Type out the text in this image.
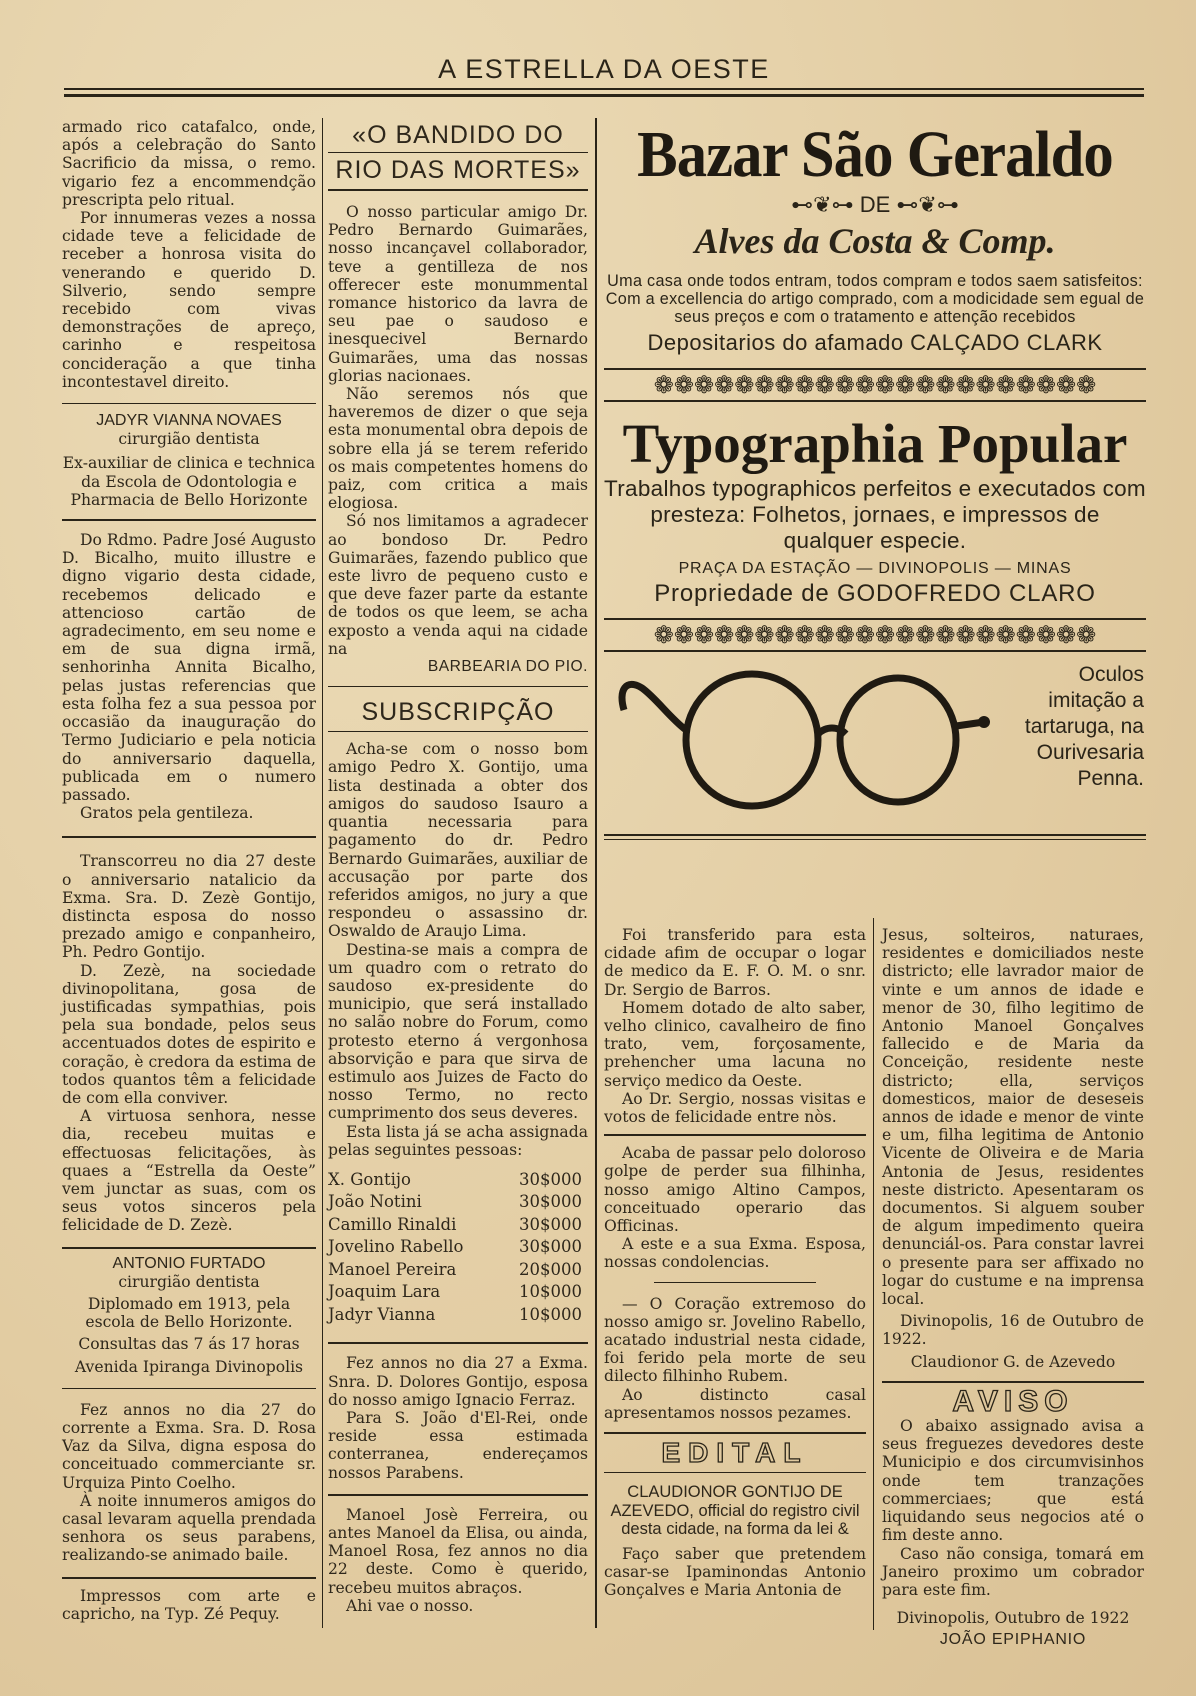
A ESTRELLA DA OESTE

armado rico catafalco, onde, após a celebração do Santo Sacrificio da missa, o remo. vigario fez a encommendção prescripta pelo ritual.

Por innumeras vezes a nossa cidade teve a felicidade de receber a honrosa visita do venerando e querido D. Silverio, sendo sempre recebido com vivas demonstrações de apreço, carinho e respeitosa concideração a que tinha incontestavel direito.

JADYR VIANNA NOVAES
cirurgião dentista

Ex-auxiliar de clinica e technica da Escola de Odontologia e Pharmacia de Bello Horizonte

Do Rdmo. Padre José Augusto D. Bicalho, muito illustre e digno vigario desta cidade, recebemos delicado e attencioso cartão de agradecimento, em seu nome e em de sua digna irmã, senhorinha Annita Bicalho, pelas justas referencias que esta folha fez a sua pessoa por occasião da inauguração do Termo Judiciario e pela noticia do anniversario daquella, publicada em o numero passado.

Gratos pela gentileza.

Transcorreu no dia 27 deste o anniversario natalicio da Exma. Sra. D. Zezè Gontijo, distincta esposa do nosso prezado amigo e conpanheiro, Ph. Pedro Gontijo.

D. Zezè, na sociedade divinopolitana, gosa de justificadas sympathias, pois pela sua bondade, pelos seus accentuados dotes de espirito e coração, è credora da estima de todos quantos têm a felicidade de com ella conviver.

A virtuosa senhora, nesse dia, recebeu muitas e effectuosas felicitações, às quaes a “Estrella da Oeste” vem junctar as suas, com os seus votos sinceros pela felicidade de D. Zezè.

ANTONIO FURTADO
cirurgião dentista

Diplomado em 1913, pela escola de Bello Horizonte.

Consultas das 7 ás 17 horas

Avenida Ipiranga Divinopolis

Fez annos no dia 27 do corrente a Exma. Sra. D. Rosa Vaz da Silva, digna esposa do conceituado commerciante sr. Urquiza Pinto Coelho.

À noite innumeros amigos do casal levaram aquella prendada senhora os seus parabens, realizando-se animado baile.

Impressos com arte e capricho, na Typ. Zé Pequy.

«O BANDIDO DO
RIO DAS MORTES»

O nosso particular amigo Dr. Pedro Bernardo Guimarães, nosso incançavel collaborador, teve a gentilleza de nos offerecer este monummental romance historico da lavra de seu pae o saudoso e inesquecivel Bernardo Guimarães, uma das nossas glorias nacionaes.

Não seremos nós que haveremos de dizer o que seja esta monumental obra depois de sobre ella já se terem referido os mais competentes homens do paiz, com critica a mais elogiosa.

Só nos limitamos a agradecer ao bondoso Dr. Pedro Guimarães, fazendo publico que este livro de pequeno custo e que deve fazer parte da estante de todos os que leem, se acha exposto a venda aqui na cidade na

BARBEARIA DO PIO.

SUBSCRIPÇÃO

Acha-se com o nosso bom amigo Pedro X. Gontijo, uma lista destinada a obter dos amigos do saudoso Isauro a quantia necessaria para pagamento do dr. Pedro Bernardo Guimarães, auxiliar de accusação por parte dos referidos amigos, no jury a que respondeu o assassino dr. Oswaldo de Araujo Lima.

Destina-se mais a compra de um quadro com o retrato do saudoso ex-presidente do municipio, que será installado no salão nobre do Forum, como protesto eterno á vergonhosa absorvição e para que sirva de estimulo aos Juizes de Facto do nosso Termo, no recto cumprimento dos seus deveres.

Esta lista já se acha assignada pelas seguintes pessoas:

X. Gontijo	30$000
João Notini	30$000
Camillo Rinaldi	30$000
Jovelino Rabello	30$000
Manoel Pereira	20$000
Joaquim Lara	10$000
Jadyr Vianna	10$000

Fez annos no dia 27 a Exma. Snra. D. Dolores Gontijo, esposa do nosso amigo Ignacio Ferraz.

Para S. João d'El-Rei, onde reside essa estimada conterranea, endereçamos nossos Parabens.

Manoel Josè Ferreira, ou antes Manoel da Elisa, ou ainda, Manoel Rosa, fez annos no dia 22 deste. Como è querido, recebeu muitos abraços.

Ahi vae o nosso.

Bazar São Geraldo
⊷❦⊶ DE ⊷❦⊶
Alves da Costa & Comp.

Uma casa onde todos entram, todos compram e todos saem satisfeitos: Com a excellencia do artigo comprado, com a modicidade sem egual de seus preços e com o tratamento e attenção recebidos

Depositarios do afamado CALÇADO CLARK
❁❁❁❁❁❁❁❁❁❁❁❁❁❁❁❁❁❁❁❁❁❁
Typographia Popular

Trabalhos typographicos perfeitos e executados com presteza: Folhetos, jornaes, e impressos de qualquer especie.

PRAÇA DA ESTAÇÃO — DIVINOPOLIS — MINAS
Propriedade de GODOFREDO CLARO
❁❁❁❁❁❁❁❁❁❁❁❁❁❁❁❁❁❁❁❁❁❁

Oculos imitação a tartaruga, na Ourivesaria Penna.

Foi transferido para esta cidade afim de occupar o logar de medico da E. F. O. M. o snr. Dr. Sergio de Barros.

Homem dotado de alto saber, velho clinico, cavalheiro de fino trato, vem, forçosamente, prehencher uma lacuna no serviço medico da Oeste.

Ao Dr. Sergio, nossas visitas e votos de felicidade entre nòs.

Acaba de passar pelo doloroso golpe de perder sua filhinha, nosso amigo Altino Campos, conceituado operario das Officinas.

A este e a sua Exma. Esposa, nossas condolencias.

— O Coração extremoso do nosso amigo sr. Jovelino Rabello, acatado industrial nesta cidade, foi ferido pela morte de seu dilecto filhinho Rubem.

Ao distincto casal apresentamos nossos pezames.

EDITAL

CLAUDIONOR GONTIJO DE AZEVEDO, official do registro civil desta cidade, na forma da lei &

Faço saber que pretendem casar-se Ipaminondas Antonio Gonçalves e Maria Antonia de

Jesus, solteiros, naturaes, residentes e domiciliados neste districto; elle lavrador maior de vinte e um annos de idade e menor de 30, filho legitimo de Antonio Manoel Gonçalves fallecido e de Maria da Conceição, residente neste districto; ella, serviços domesticos, maior de deseseis annos de idade e menor de vinte e um, filha legitima de Antonio Vicente de Oliveira e de Maria Antonia de Jesus, residentes neste districto. Apesentaram os documentos. Si alguem souber de algum impedimento queira denunciál-os. Para constar lavrei o presente para ser affixado no logar do custume e na imprensa local.

Divinopolis, 16 de Outubro de 1922.

Claudionor G. de Azevedo

AVISO

O abaixo assignado avisa a seus freguezes devedores deste Municipio e dos circumvisinhos onde tem tranzações commerciaes; que está liquidando seus negocios até o fim deste anno.

Caso não consiga, tomará em Janeiro proximo um cobrador para este fim.

Divinopolis, Outubro de 1922

JOÃO EPIPHANIO
